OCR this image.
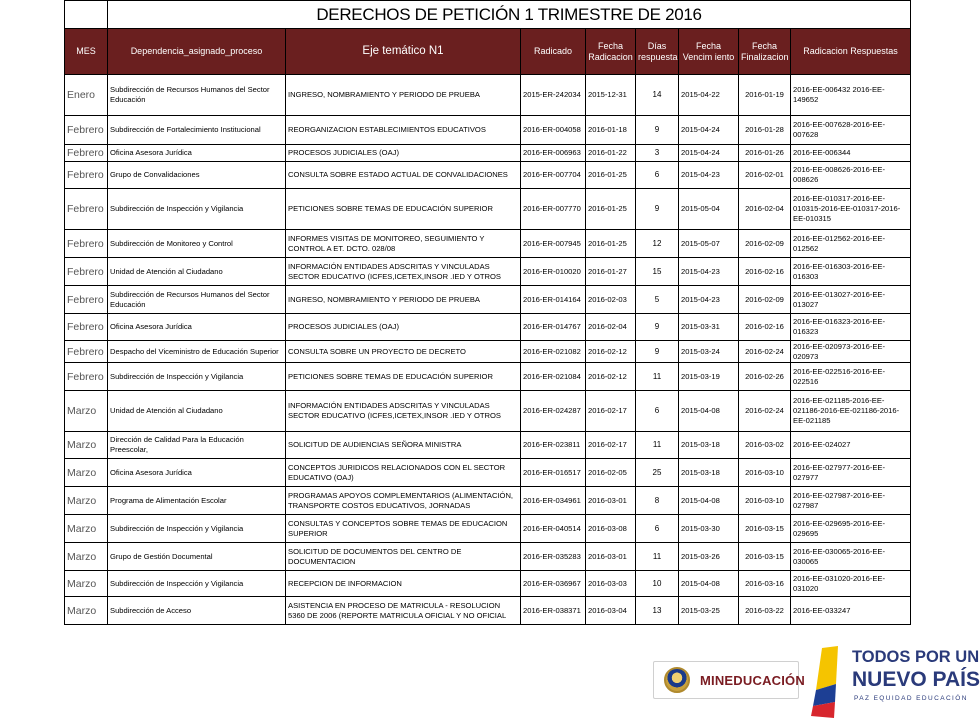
	DERECHOS DE PETICIÓN 1 TRIMESTRE DE 2016							
MES	Dependencia_asignado_proceso	Eje temático N1	Radicado	Fecha Radicacion	Días respuesta	Fecha Vencim iento	Fecha Finalizacion	Radicacion Respuestas
Enero	Subdirección de Recursos Humanos del Sector Educación	INGRESO, NOMBRAMIENTO Y PERIODO DE PRUEBA	2015-ER-242034	2015-12-31	14	2015-04-22	2016-01-19	2016-EE-006432 2016-EE-149652
Febrero	Subdirección de Fortalecimiento Institucional	REORGANIZACION ESTABLECIMIENTOS EDUCATIVOS	2016-ER-004058	2016-01-18	9	2015-04-24	2016-01-28	2016-EE-007628-2016-EE-007628
Febrero	Oficina Asesora Jurídica	PROCESOS JUDICIALES (OAJ)	2016-ER-006963	2016-01-22	3	2015-04-24	2016-01-26	2016-EE-006344
Febrero	Grupo de Convalidaciones	CONSULTA SOBRE ESTADO ACTUAL DE CONVALIDACIONES	2016-ER-007704	2016-01-25	6	2015-04-23	2016-02-01	2016-EE-008626-2016-EE-008626
Febrero	Subdirección de Inspección y Vigilancia	PETICIONES SOBRE TEMAS DE EDUCACIÓN SUPERIOR	2016-ER-007770	2016-01-25	9	2015-05-04	2016-02-04	2016-EE-010317-2016-EE-010315-2016-EE-010317-2016-EE-010315
Febrero	Subdirección de Monitoreo y Control	INFORMES VISITAS DE MONITOREO, SEGUIMIENTO Y CONTROL A ET. DCTO. 028/08	2016-ER-007945	2016-01-25	12	2015-05-07	2016-02-09	2016-EE-012562-2016-EE-012562
Febrero	Unidad de Atención al Ciudadano	INFORMACIÓN ENTIDADES ADSCRITAS Y VINCULADAS SECTOR EDUCATIVO (ICFES,ICETEX,INSOR .IED Y OTROS	2016-ER-010020	2016-01-27	15	2015-04-23	2016-02-16	2016-EE-016303-2016-EE-016303
Febrero	Subdirección de Recursos Humanos del Sector Educación	INGRESO, NOMBRAMIENTO Y PERIODO DE PRUEBA	2016-ER-014164	2016-02-03	5	2015-04-23	2016-02-09	2016-EE-013027-2016-EE-013027
Febrero	Oficina Asesora Jurídica	PROCESOS JUDICIALES (OAJ)	2016-ER-014767	2016-02-04	9	2015-03-31	2016-02-16	2016-EE-016323-2016-EE-016323
Febrero	Despacho del Viceministro de Educación Superior	CONSULTA SOBRE UN PROYECTO DE DECRETO	2016-ER-021082	2016-02-12	9	2015-03-24	2016-02-24	2016-EE-020973-2016-EE-020973
Febrero	Subdirección de Inspección y Vigilancia	PETICIONES SOBRE TEMAS DE EDUCACIÓN SUPERIOR	2016-ER-021084	2016-02-12	11	2015-03-19	2016-02-26	2016-EE-022516-2016-EE-022516
Marzo	Unidad de Atención al Ciudadano	INFORMACIÓN ENTIDADES ADSCRITAS Y VINCULADAS SECTOR EDUCATIVO (ICFES,ICETEX,INSOR .IED Y OTROS	2016-ER-024287	2016-02-17	6	2015-04-08	2016-02-24	2016-EE-021185-2016-EE-021186-2016-EE-021186-2016-EE-021185
Marzo	Dirección de Calidad Para la Educación Preescolar,	SOLICITUD DE AUDIENCIAS SEÑORA MINISTRA	2016-ER-023811	2016-02-17	11	2015-03-18	2016-03-02	2016-EE-024027
Marzo	Oficina Asesora Jurídica	CONCEPTOS JURIDICOS RELACIONADOS CON EL SECTOR EDUCATIVO (OAJ)	2016-ER-016517	2016-02-05	25	2015-03-18	2016-03-10	2016-EE-027977-2016-EE-027977
Marzo	Programa de Alimentación Escolar	PROGRAMAS APOYOS COMPLEMENTARIOS (ALIMENTACIÓN, TRANSPORTE COSTOS EDUCATIVOS, JORNADAS	2016-ER-034961	2016-03-01	8	2015-04-08	2016-03-10	2016-EE-027987-2016-EE-027987
Marzo	Subdirección de Inspección y Vigilancia	CONSULTAS Y CONCEPTOS SOBRE TEMAS DE EDUCACION SUPERIOR	2016-ER-040514	2016-03-08	6	2015-03-30	2016-03-15	2016-EE-029695-2016-EE-029695
Marzo	Grupo de Gestión Documental	SOLICITUD DE DOCUMENTOS DEL CENTRO DE DOCUMENTACION	2016-ER-035283	2016-03-01	11	2015-03-26	2016-03-15	2016-EE-030065-2016-EE-030065
Marzo	Subdirección de Inspección y Vigilancia	RECEPCION DE INFORMACION	2016-ER-036967	2016-03-03	10	2015-04-08	2016-03-16	2016-EE-031020-2016-EE-031020
Marzo	Subdirección de Acceso	ASISTENCIA EN PROCESO DE MATRICULA - RESOLUCION 5360 DE 2006 (REPORTE MATRICULA OFICIAL Y NO OFICIAL	2016-ER-038371	2016-03-04	13	2015-03-25	2016-03-22	2016-EE-033247
MINEDUCACIÓN
TODOS POR UN
NUEVO PAÍS
PAZ EQUIDAD EDUCACIÓN
